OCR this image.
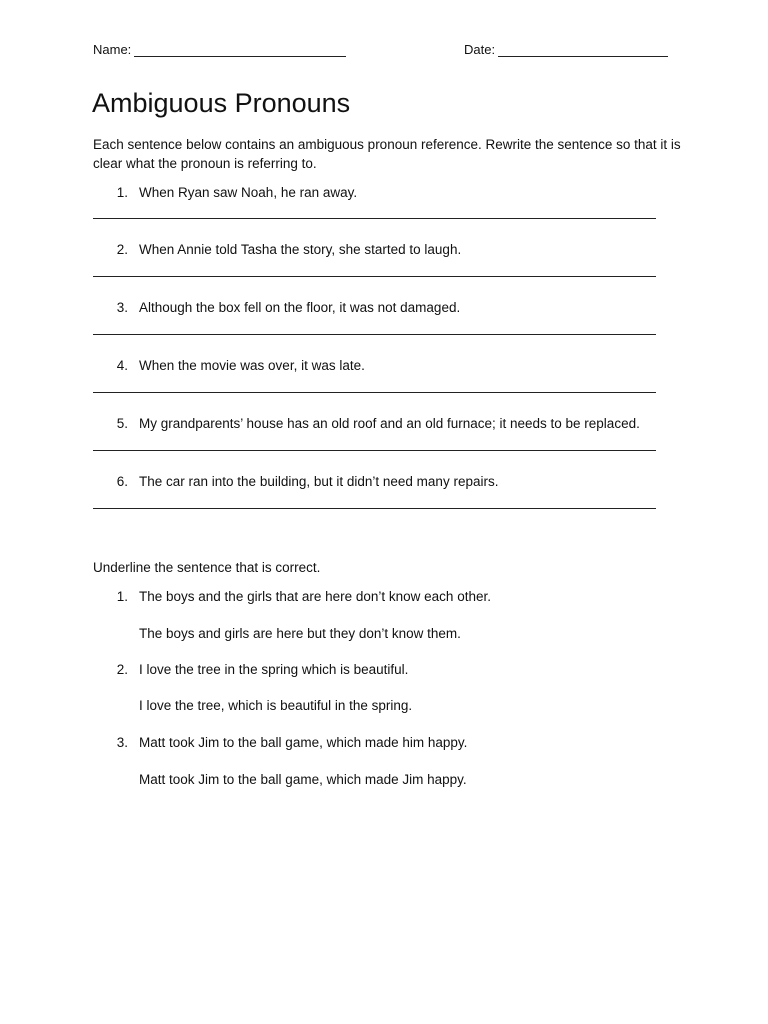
Name:	Date:
Ambiguous Pronouns

Each sentence below contains an ambiguous pronoun reference. Rewrite the sentence so that it is clear what the pronoun is referring to.

1. When Ryan saw Noah, he ran away.
2. When Annie told Tasha the story, she started to laugh.
3. Although the box fell on the floor, it was not damaged.
4. When the movie was over, it was late.
5. My grandparents’ house has an old roof and an old furnace; it needs to be replaced.
6. The car ran into the building, but it didn’t need many repairs.

Underline the sentence that is correct.

1. The boys and the girls that are here don’t know each other.
The boys and girls are here but they don’t know them.
2. I love the tree in the spring which is beautiful.
I love the tree, which is beautiful in the spring.
3. Matt took Jim to the ball game, which made him happy.
Matt took Jim to the ball game, which made Jim happy.
